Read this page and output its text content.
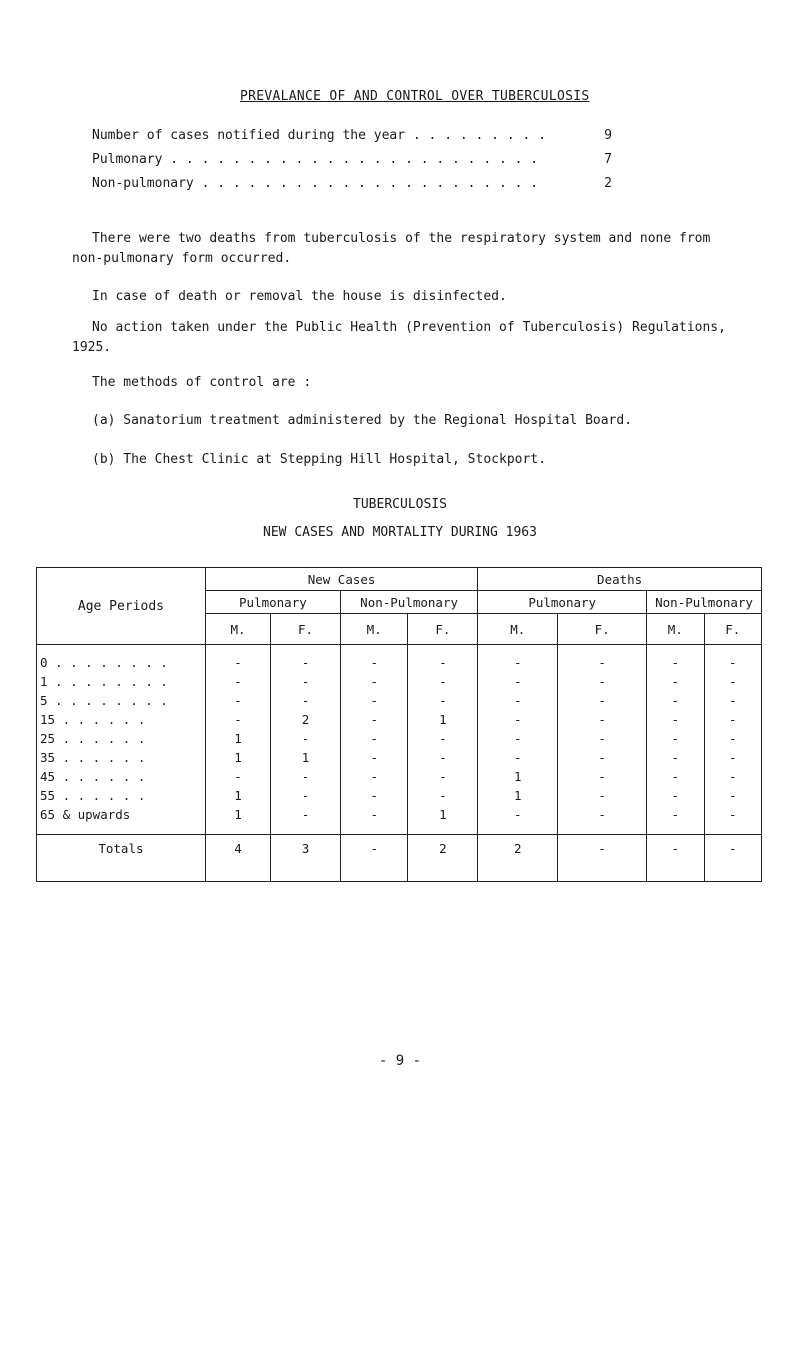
PREVALANCE OF AND CONTROL OVER TUBERCULOSIS
Number of cases notified during the year . . . . . . . . .	9
Pulmonary . . . . . . . . . . . . . . . . . . . . . . . .	7
Non-pulmonary . . . . . . . . . . . . . . . . . . . . . .	2
There were two deaths from tuberculosis of the respiratory system and none from non-pulmonary form occurred.
In case of death or removal the house is disinfected.
No action taken under the Public Health (Prevention of Tuberculosis) Regulations, 1925.
The methods of control are :
(a) Sanatorium treatment administered by the Regional Hospital Board.
(b) The Chest Clinic at Stepping Hill Hospital, Stockport.
TUBERCULOSIS
NEW CASES AND MORTALITY DURING 1963
Age Periods	New Cases				Deaths			
	Pulmonary		Non-Pulmonary		Pulmonary		Non-Pulmonary	
	M.	F.	M.	F.	M.	F.	M.	F.
0 . . . . . . . .	-	-	-	-	-	-	-	-
1 . . . . . . . .	-	-	-	-	-	-	-	-
5 . . . . . . . .	-	-	-	-	-	-	-	-
15 . . . . . .	-	2	-	1	-	-	-	-
25 . . . . . .	1	-	-	-	-	-	-	-
35 . . . . . .	1	1	-	-	-	-	-	-
45 . . . . . .	-	-	-	-	1	-	-	-
55 . . . . . .	1	-	-	-	1	-	-	-
65 & upwards	1	-	-	1	-	-	-	-
Totals	4	3	-	2	2	-	-	-
- 9 -
